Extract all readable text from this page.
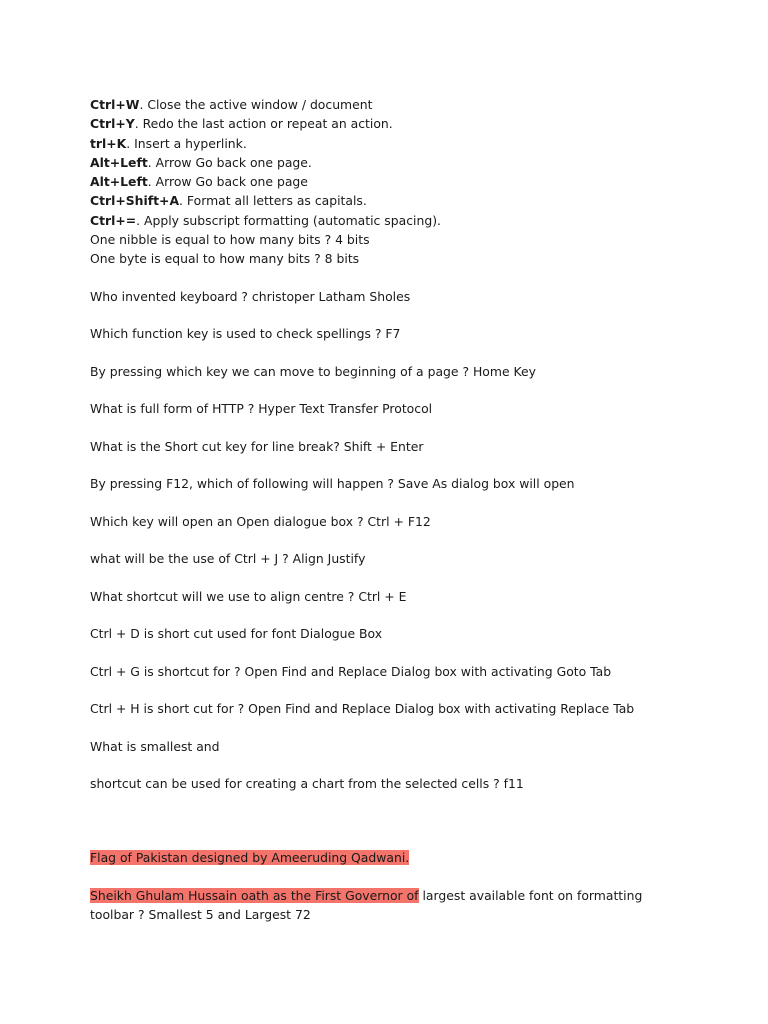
Ctrl+W. Close the active window / document
Ctrl+Y. Redo the last action or repeat an action.
trl+K. Insert a hyperlink.
Alt+Left. Arrow Go back one page.
Alt+Left. Arrow Go back one page
Ctrl+Shift+A. Format all letters as capitals.
Ctrl+=. Apply subscript formatting (automatic spacing).
One nibble is equal to how many bits ? 4 bits
One byte is equal to how many bits ? 8 bits

Who invented keyboard ? christoper Latham Sholes

Which function key is used to check spellings ? F7

By pressing which key we can move to beginning of a page ? Home Key

What is full form of HTTP ? Hyper Text Transfer Protocol

What is the Short cut key for line break? Shift + Enter

By pressing F12, which of following will happen ? Save As dialog box will open

Which key will open an Open dialogue box ? Ctrl + F12

what will be the use of Ctrl + J ? Align Justify

What shortcut will we use to align centre ? Ctrl + E

Ctrl + D is short cut used for font Dialogue Box

Ctrl + G is shortcut for ? Open Find and Replace Dialog box with activating Goto Tab

Ctrl + H is short cut for ? Open Find and Replace Dialog box with activating Replace Tab

What is smallest and

shortcut can be used for creating a chart from the selected cells ? f11

Flag of Pakistan designed by Ameeruding Qadwani.
Sheikh Ghulam Hussain oath as the First Governor of largest available font on formatting toolbar ? Smallest 5 and Largest 72
